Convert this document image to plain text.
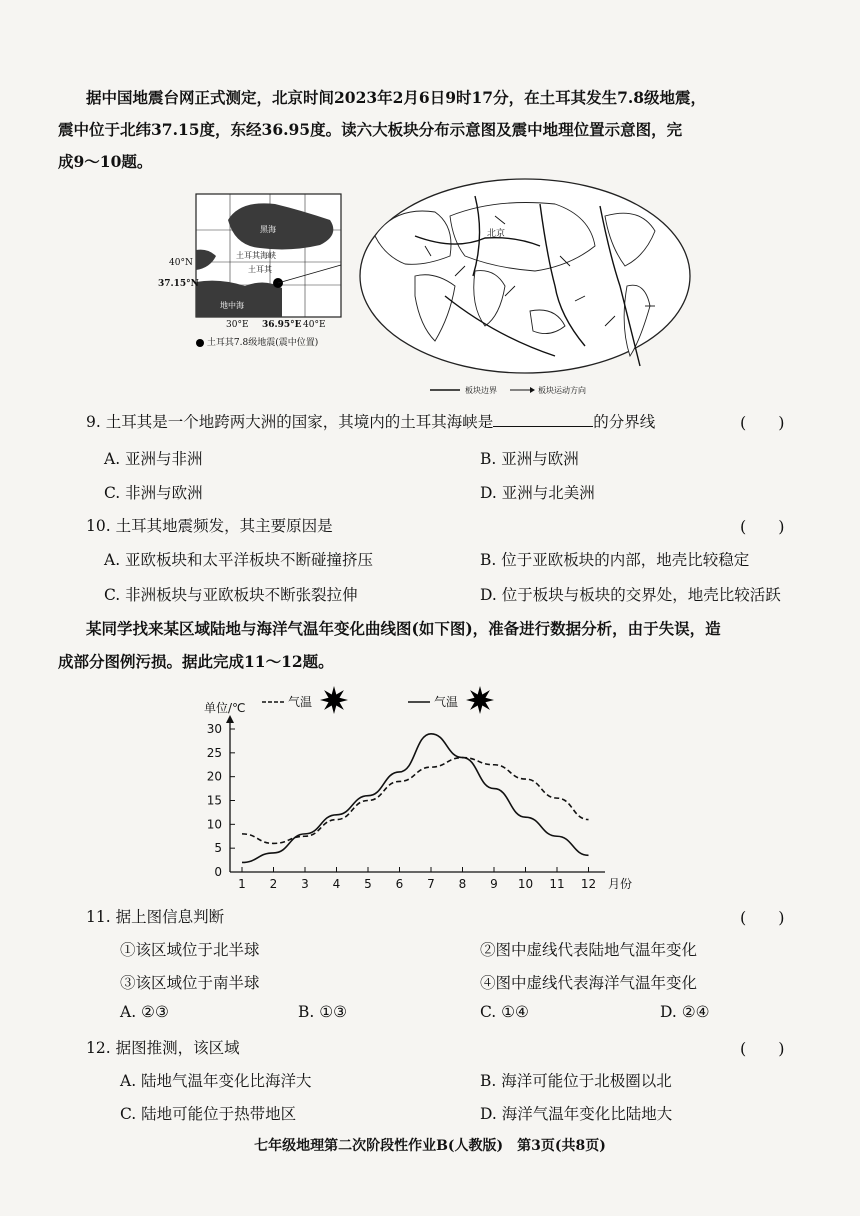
据中国地震台网正式测定，北京时间2023年2月6日9时17分，在土耳其发生7.8级地震，
震中位于北纬37.15度，东经36.95度。读六大板块分布示意图及震中地理位置示意图，完
成9～10题。
黑海
地中海
土耳其海峡
土耳其
40°N
37.15°N
30°E 36.95°E 40°E
土耳其7.8级地震(震中位置)
北京
板块边界	板块运动方向
9. 土耳其是一个地跨两大洲的国家，其境内的土耳其海峡是	的分界线	(　　)
A. 亚洲与非洲	B. 亚洲与欧洲
C. 非洲与欧洲	D. 亚洲与北美洲
10. 土耳其地震频发，其主要原因是	(　　)
A. 亚欧板块和太平洋板块不断碰撞挤压	B. 位于亚欧板块的内部，地壳比较稳定
C. 非洲板块与亚欧板块不断张裂拉伸	D. 位于板块与板块的交界处，地壳比较活跃
某同学找来某区域陆地与海洋气温年变化曲线图(如下图)，准备进行数据分析，由于失误，造
成部分图例污损。据此完成11～12题。
0
5
10
15
20
25
30
1 2 3 4 5 6 7 8 9 10 11 12
单位/℃
月份
气温	气温
11. 据上图信息判断	(　　)
①该区域位于北半球	②图中虚线代表陆地气温年变化
③该区域位于南半球	④图中虚线代表海洋气温年变化
A. ②③	B. ①③	C. ①④	D. ②④
12. 据图推测，该区域	(　　)
A. 陆地气温年变化比海洋大	B. 海洋可能位于北极圈以北
C. 陆地可能位于热带地区	D. 海洋气温年变化比陆地大
七年级地理第二次阶段性作业B(人教版)　第3页(共8页)
